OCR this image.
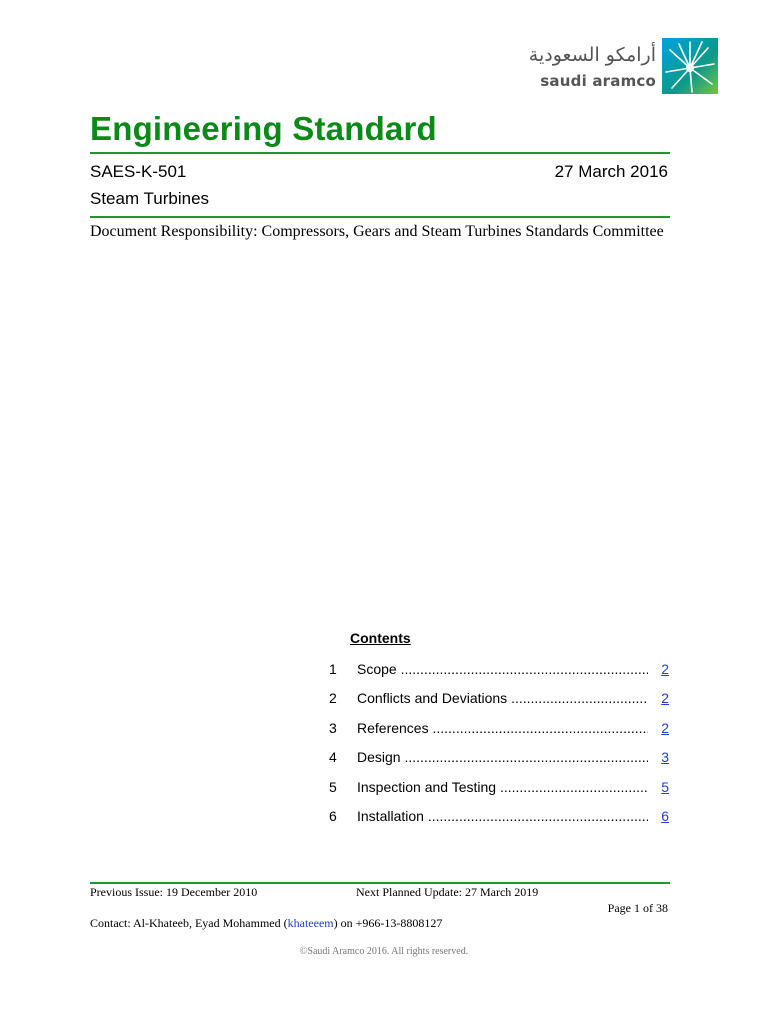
أرامكو السعودية
saudi aramco
Engineering Standard
SAES-K-501	27 March 2016
Steam Turbines
Document Responsibility: Compressors, Gears and Steam Turbines Standards Committee
Contents
1 Scope .....	2
2 Conflicts and Deviations .....	2
3 References .....	2
4 Design .....	3
5 Inspection and Testing .....	5
6 Installation .....	6
Previous Issue: 19 December 2010	Next Planned Update: 27 March 2019
Page 1 of 38
Contact: Al-Khateeb, Eyad Mohammed (khateeem) on +966-13-8808127
©Saudi Aramco 2016. All rights reserved.
